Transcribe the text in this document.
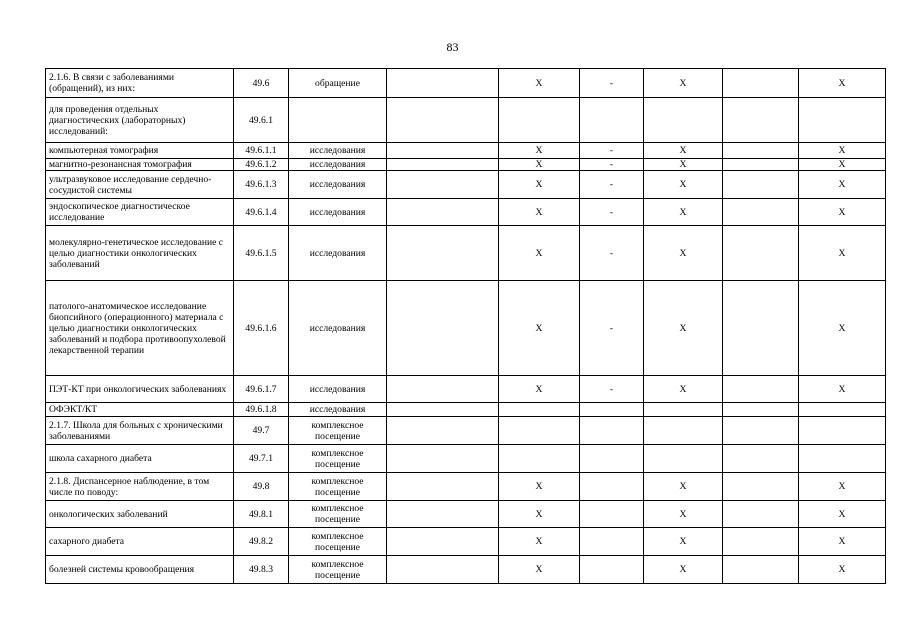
83
2.1.6. В связи с заболеваниями (обращений), из них:	49.6	обращение		X	-	X		X
для проведения отдельных диагностических (лабораторных) исследований:	49.6.1							
компьютерная томография	49.6.1.1	исследования		X	-	X		X
магнитно-резонансная томография	49.6.1.2	исследования		X	-	X		X
ультразвуковое исследование сердечно-сосудистой системы	49.6.1.3	исследования		X	-	X		X
эндоскопическое диагностическое исследование	49.6.1.4	исследования		X	-	X		X
молекулярно-генетическое исследование с целью диагностики онкологических заболеваний	49.6.1.5	исследования		X	-	X		X
патолого-анатомическое исследование биопсийного (операционного) материала с целью диагностики онкологических заболеваний и подбора противоопухолевой лекарственной терапии	49.6.1.6	исследования		X	-	X		X
ПЭТ-КТ при онкологических заболеваниях	49.6.1.7	исследования		X	-	X		X
ОФЭКТ/КТ	49.6.1.8	исследования						
2.1.7. Школа для больных с хроническими заболеваниями	49.7	комплексное посещение						
школа сахарного диабета	49.7.1	комплексное посещение						
2.1.8. Диспансерное наблюдение, в том числе по поводу:	49.8	комплексное посещение		X		X		X
онкологических заболеваний	49.8.1	комплексное посещение		X		X		X
сахарного диабета	49.8.2	комплексное посещение		X		X		X
болезней системы кровообращения	49.8.3	комплексное посещение		X		X		X
